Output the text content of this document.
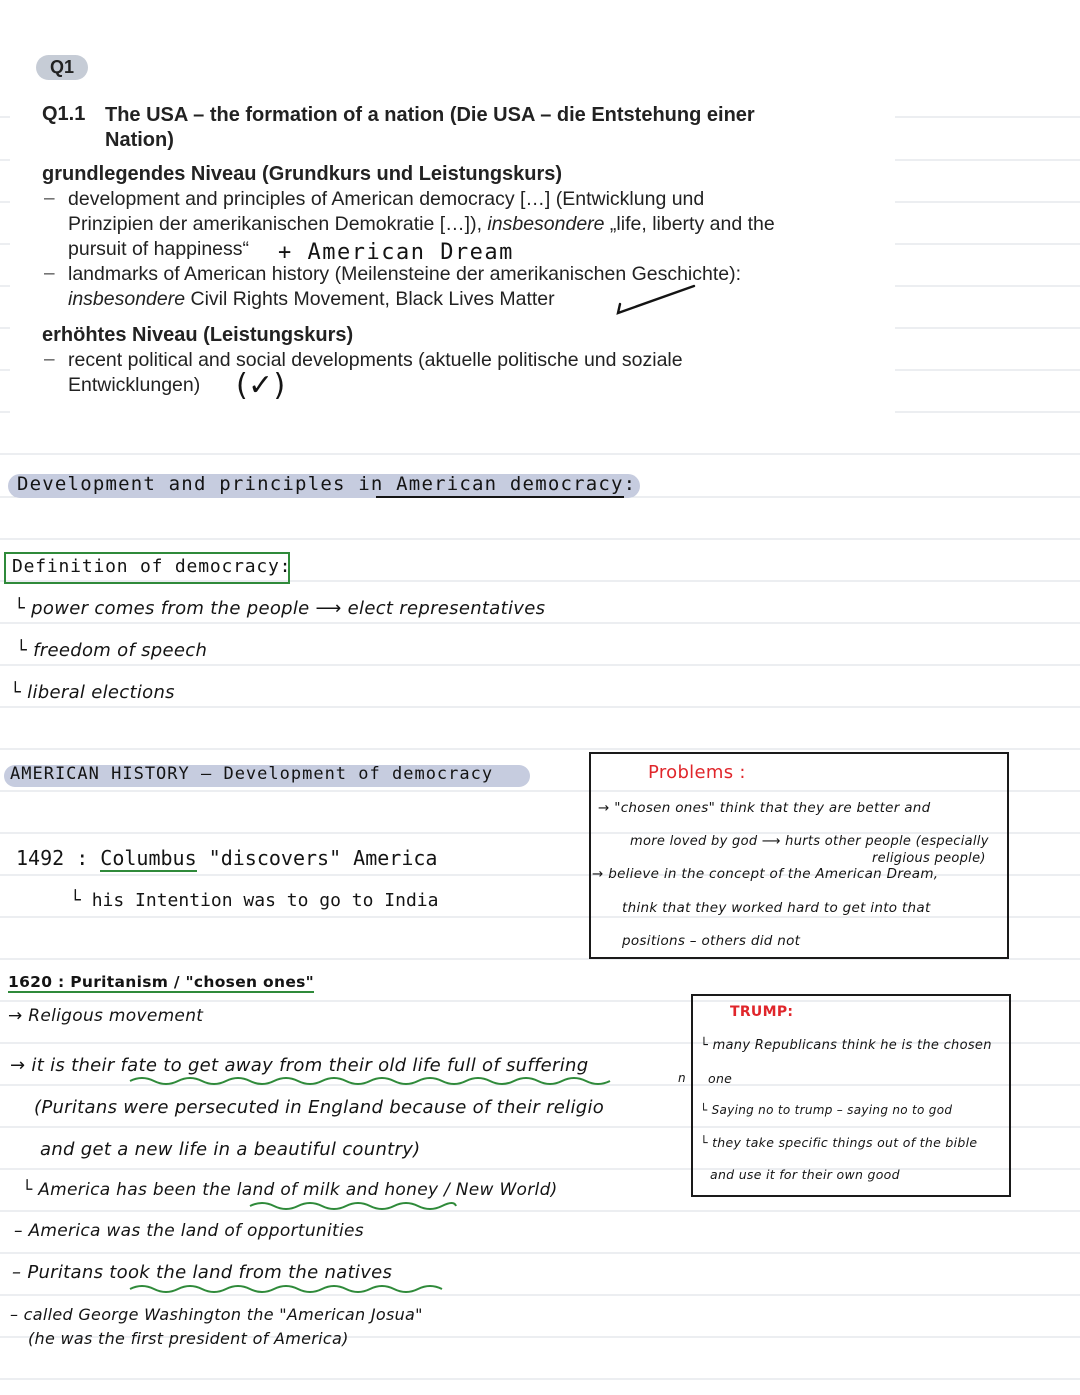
Q1
Q1.1 The USA – the formation of a nation (Die USA – die Entstehung einer Nation)
grundlegendes Niveau (Grundkurs und Leistungskurs)
– development and principles of American democracy […] (Entwicklung und
Prinzipien der amerikanischen Demokratie […]), insbesondere „life, liberty and the
pursuit of happiness“ + American Dream
– landmarks of American history (Meilensteine der amerikanischen Geschichte):
insbesondere Civil Rights Movement, Black Lives Matter
erhöhtes Niveau (Leistungskurs)
– recent political and social developments (aktuelle politische und soziale
Entwicklungen) (✓)
Development and principles in American democracy:
Definition of democracy:
└ power comes from the people ⟶ elect representatives
└ freedom of speech
└ liberal elections
AMERICAN HISTORY – Development of democracy
1492 : Columbus "discovers" America
└ his Intention was to go to India
1620 : Puritanism / "chosen ones"
→ Religous movement
→ it is their fate to get away from their old life full of suffering
(Puritans were persecuted in England because of their religio
and get a new life in a beautiful country)
└ America has been the land of milk and honey / New World)
– America was the land of opportunities
– Puritans took the land from the natives
– called George Washington the "American Josua"
(he was the first president of America)
Problems :
→ "chosen ones" think that they are better and
more loved by god ⟶ hurts other people (especially
religious people)
→ believe in the concept of the American Dream,
think that they worked hard to get into that
positions – others did not
TRUMP:
└ many Republicans think he is the chosen
one
└ Saying no to trump – saying no to god
└ they take specific things out of the bible
and use it for their own good
n
